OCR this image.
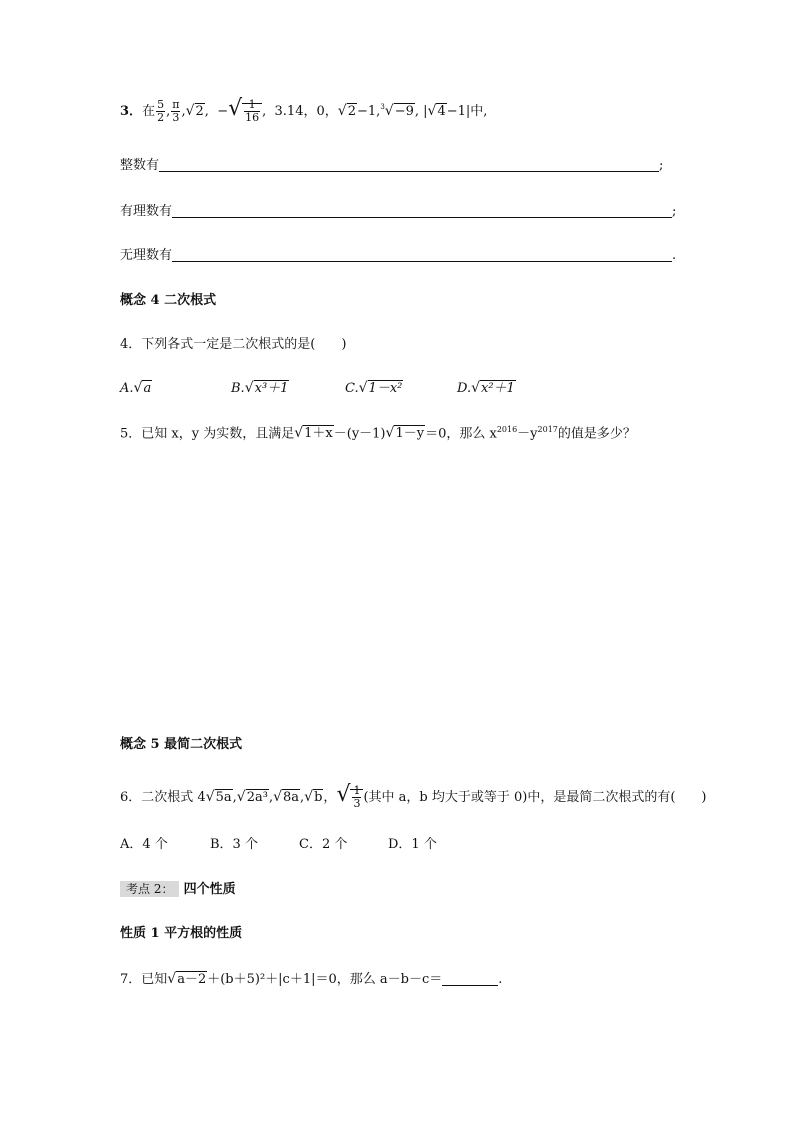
3．在 $\frac{5}{2}$ , $\frac{\pi}{3} ,√2$,  −√ $\frac{1}{16}$ ,  3.14，0，√2−1,$^3$√−9, |√4−1|中,
整数有	;
有理数有	;
无理数有	.
概念 4 二次根式
4．下列各式一定是二次根式的是(　　)
A.√a	B.√x³＋1	C.√1－x²	D.√x²＋1
5．已知 x，y 为实数，且满足√1＋x－(y－1)√1－y＝0，那么 $x^{2016}-y^{2017}$的值是多少？
概念 5 最简二次根式
6．二次根式 4√5a,√2a³,√8a,√b，√ $\frac{1}{3}$ (其中 a，b 均大于或等于 0)中，是最简二次根式的有(　　)
A．4 个	B．3 个	C．2 个	D．1 个
考点 2： 四个性质
性质 1 平方根的性质
7．已知√a－2＋(b＋5)²＋|c＋1|＝0，那么 a－b－c＝	.
